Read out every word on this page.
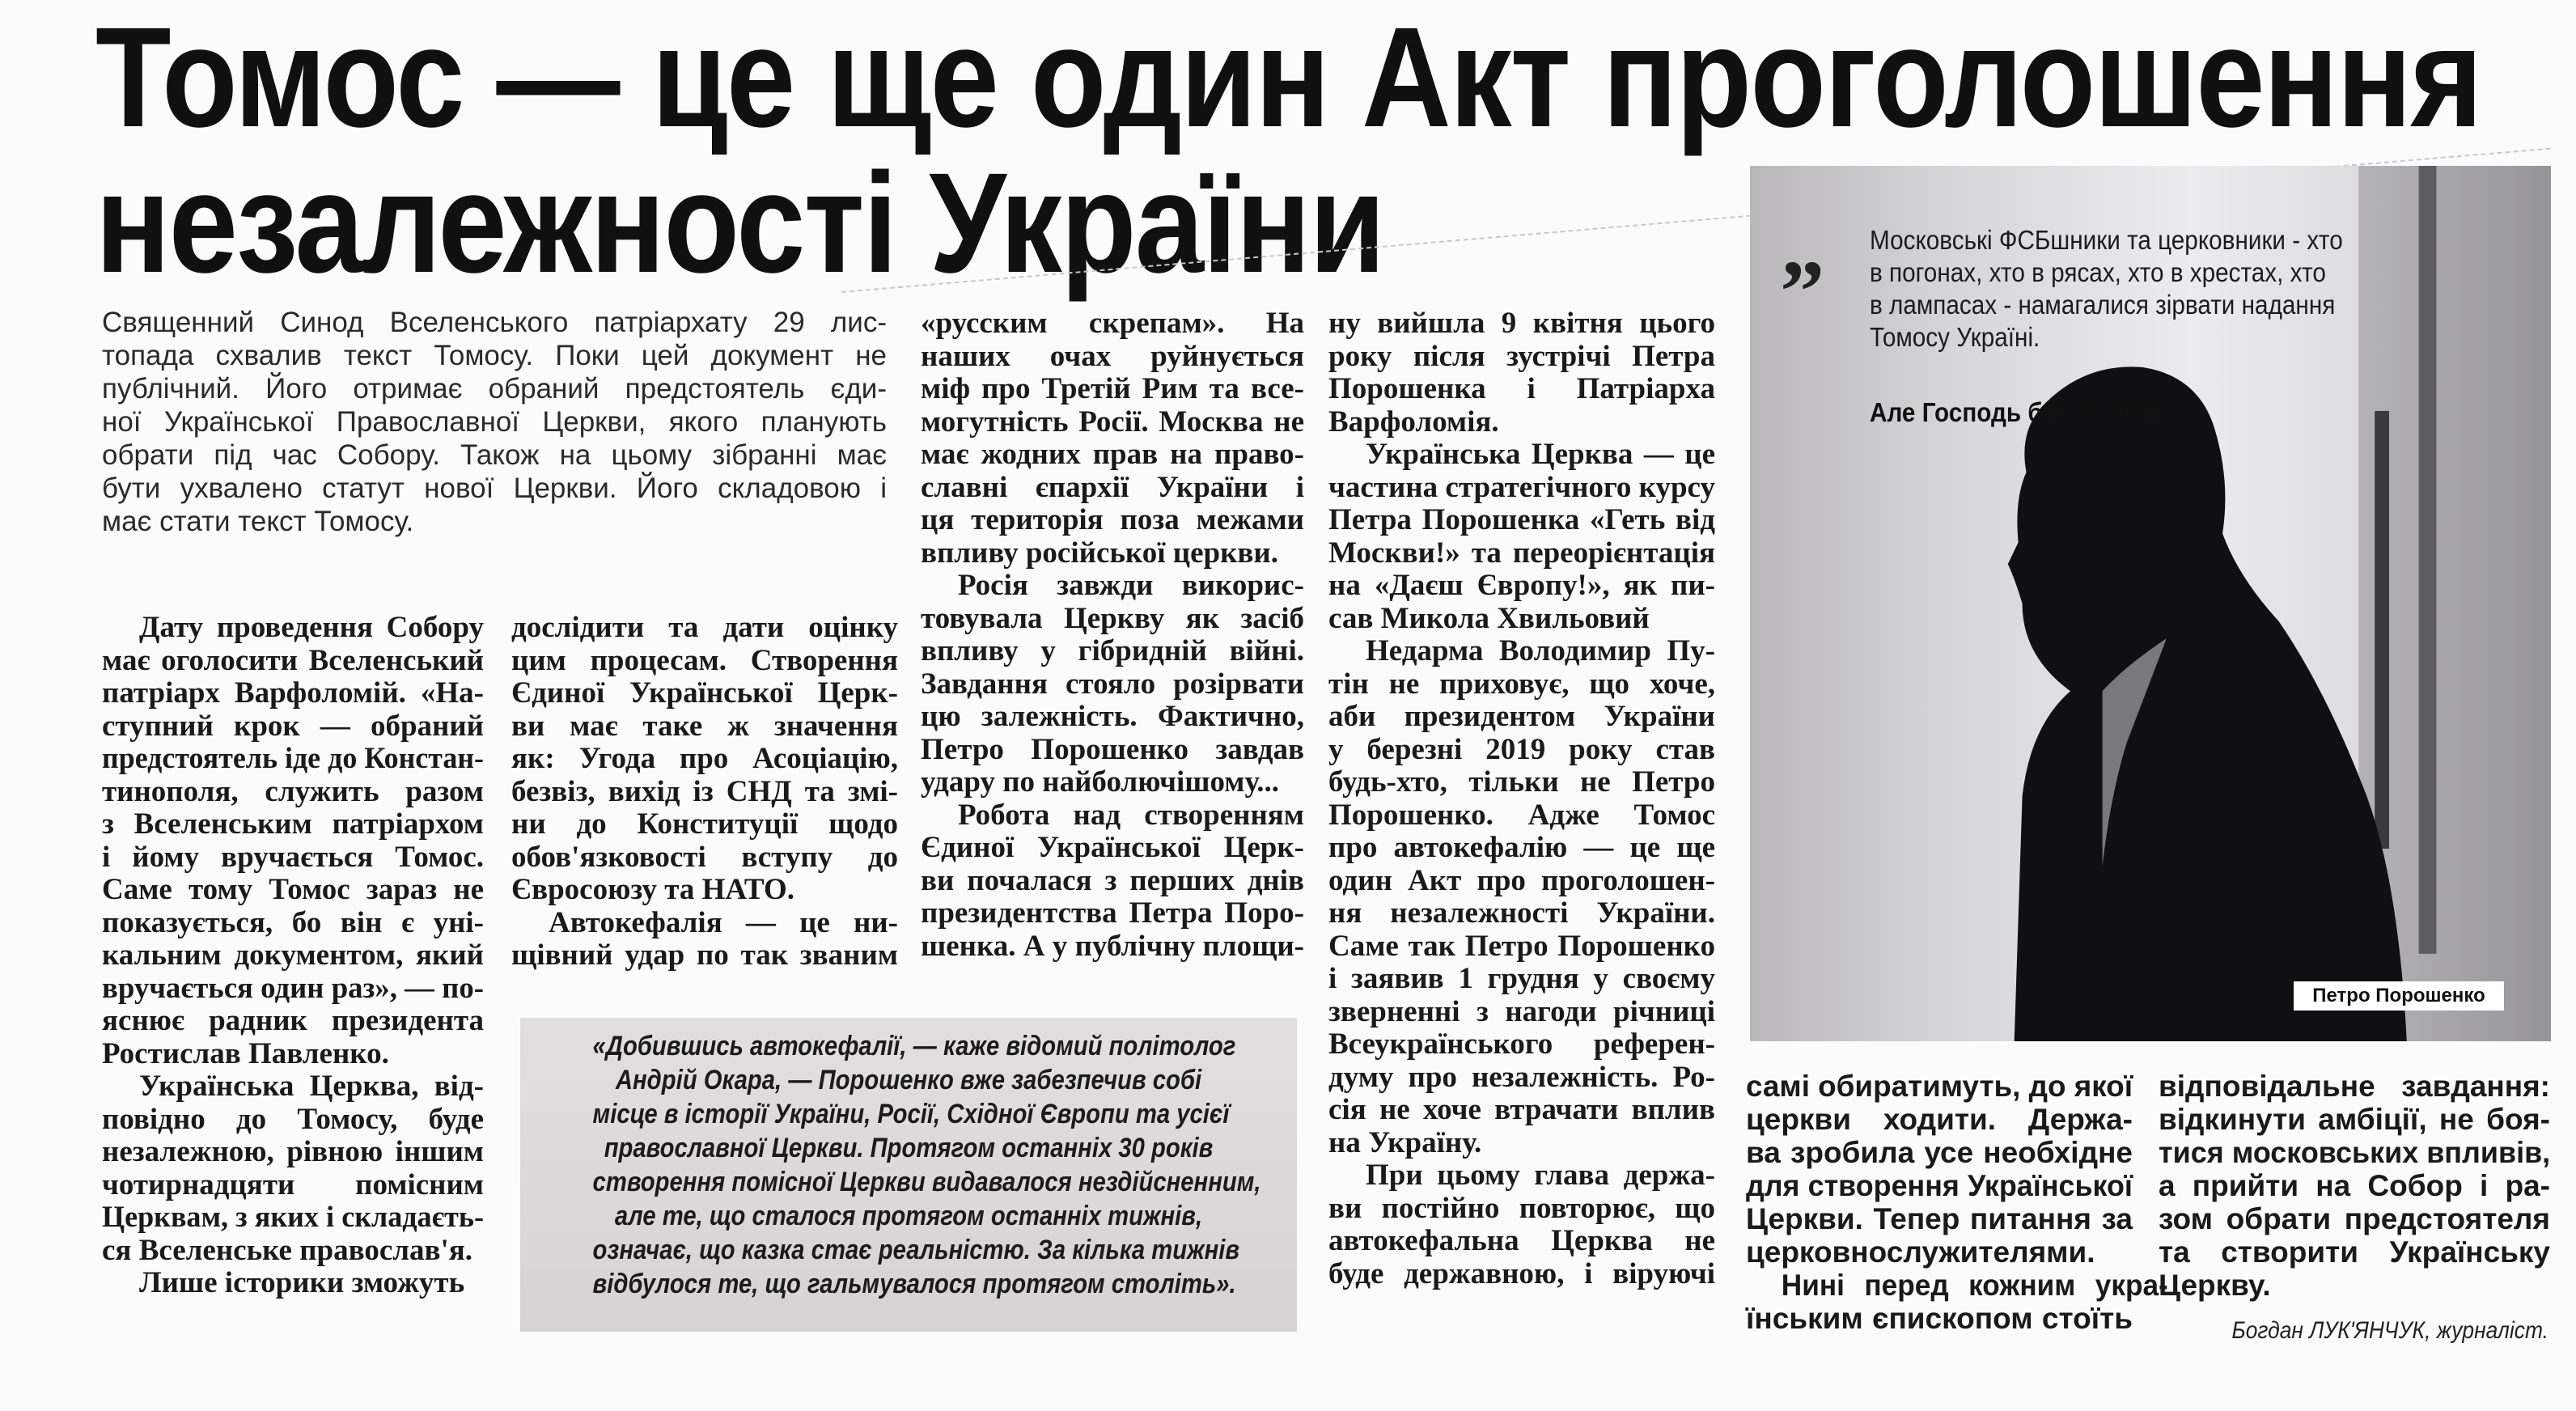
Томос — це ще один Акт проголошення
незалежності України
Священний Синод Вселенського патріархату 29 лис-
топада схвалив текст Томосу. Поки цей документ не
публічний. Його отримає обраний предстоятель єди-
ної Української Православної Церкви, якого планують
обрати під час Собору. Також на цьому зібранні має
бути ухвалено статут нової Церкви. Його складовою і
має стати текст Томосу.
Дату проведення Собору
має оголосити Вселенський
патріарх Варфоломій. «На-
ступний крок — обраний
предстоятель іде до Констан-
тинополя, служить разом
з Вселенським патріархом
і йому вручається Томос.
Саме тому Томос зараз не
показується, бо він є уні-
кальним документом, який
вручається один раз», — по-
яснює радник президента
Ростислав Павленко.
Українська Церква, від-
повідно до Томосу, буде
незалежною, рівною іншим
чотирнадцяти помісним
Церквам, з яких і складаєть-
ся Вселенське православ'я.
Лише історики зможуть
дослідити та дати оцінку
цим процесам. Створення
Єдиної Української Церк-
ви має таке ж значення
як: Угода про Асоціацію,
безвіз, вихід із СНД та змі-
ни до Конституції щодо
обов'язковості вступу до
Євросоюзу та НАТО.
Автокефалія — це ни-
щівний удар по так званим
«русским скрепам». На
наших очах руйнується
міф про Третій Рим та все-
могутність Росії. Москва не
має жодних прав на право-
славні єпархії України і
ця територія поза межами
впливу російської церкви.
Росія завжди викорис-
товувала Церкву як засіб
впливу у гібридній війні.
Завдання стояло розірвати
цю залежність. Фактично,
Петро Порошенко завдав
удару по найболючішому...
Робота над створенням
Єдиної Української Церк-
ви почалася з перших днів
президентства Петра Поро-
шенка. А у публічну площи-
ну вийшла 9 квітня цього
року після зустрічі Петра
Порошенка і Патріарха
Варфоломія.
Українська Церква — це
частина стратегічного курсу
Петра Порошенка «Геть від
Москви!» та переорієнтація
на «Даєш Європу!», як пи-
сав Микола Хвильовий
Недарма Володимир Пу-
тін не приховує, що хоче,
аби президентом України
у березні 2019 року став
будь-хто, тільки не Петро
Порошенко. Адже Томос
про автокефалію — це ще
один Акт про проголошен-
ня незалежності України.
Саме так Петро Порошенко
і заявив 1 грудня у своєму
зверненні з нагоди річниці
Всеукраїнського референ-
думу про незалежність. Ро-
сія не хоче втрачати вплив
на Україну.
При цьому глава держа-
ви постійно повторює, що
автокефальна Церква не
буде державною, і віруючі
самі обиратимуть, до якої
церкви ходити. Держа-
ва зробила усе необхідне
для створення Української
Церкви. Тепер питання за
церковнослужителями.
Нині перед кожним укра-
їнським єпископом стоїть
відповідальне завдання:
відкинути амбіції, не боя-
тися московських впливів,
а прийти на Собор і ра-
зом обрати предстоятеля
та створити Українську
Церкву.
Богдан ЛУК'ЯНЧУК, журналіст.
«Добившись автокефалії, — каже відомий політолог
Андрій Окара, — Порошенко вже забезпечив собі
місце в історії України, Росії, Східної Європи та усієї
православної Церкви. Протягом останніх 30 років
створення помісної Церкви видавалося нездійсненним,
але те, що сталося протягом останніх тижнів,
означає, що казка стає реальністю. За кілька тижнів
відбулося те, що гальмувалося протягом століть».
„ Московські ФСБшники та церковники - хто
в погонах, хто в рясах, хто в хрестах, хто
в лампасах - намагалися зірвати надання
Томосу Україні.
Але Господь був з нами!
Петро Порошенко
